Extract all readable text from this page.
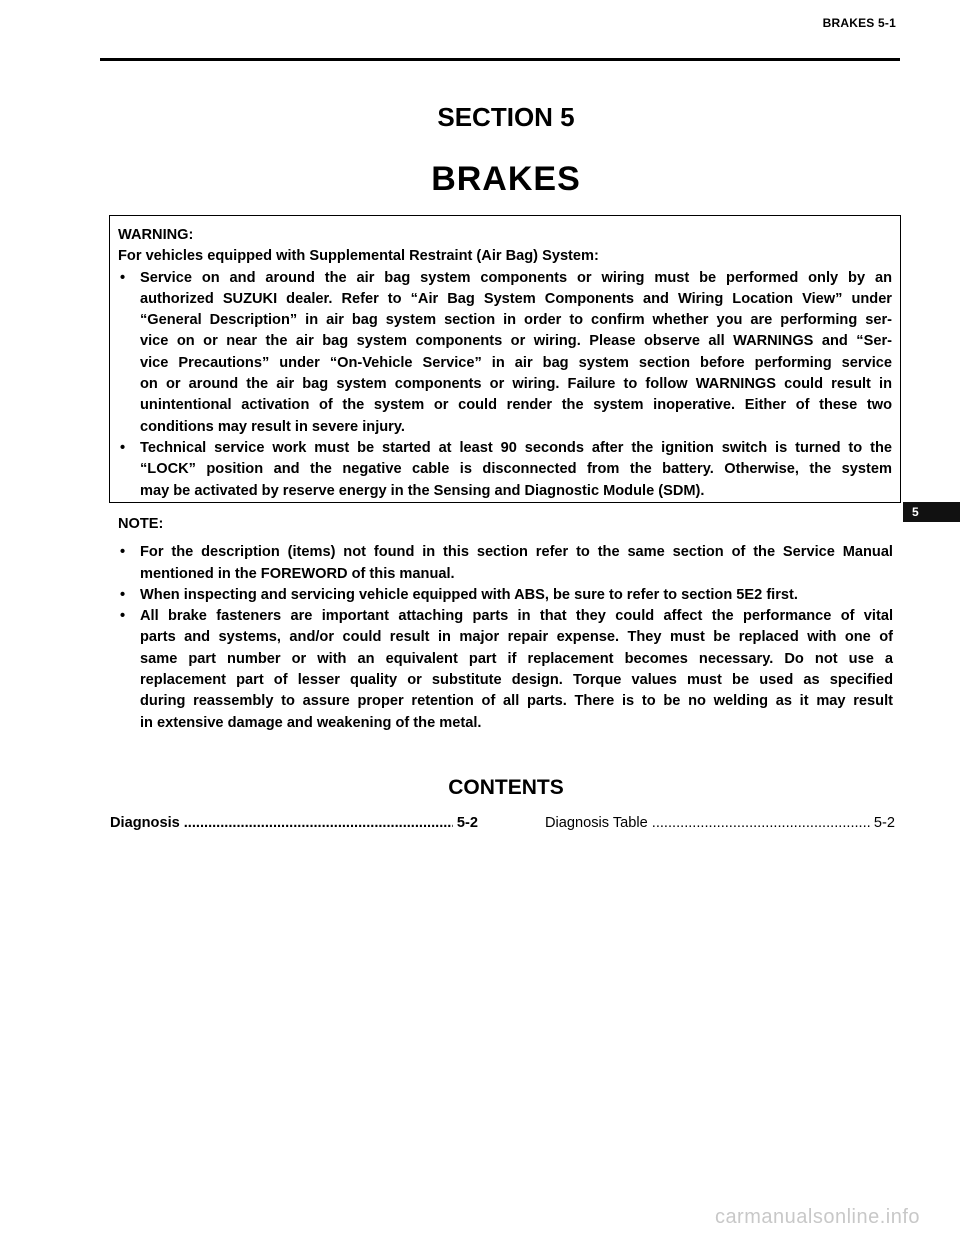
BRAKES 5-1
SECTION 5
BRAKES
WARNING:
For vehicles equipped with Supplemental Restraint (Air Bag) System:
• Service on and around the air bag system components or wiring must be performed only by an
authorized SUZUKI dealer. Refer to “Air Bag System Components and Wiring Location View” under
“General Description” in air bag system section in order to confirm whether you are performing ser-
vice on or near the air bag system components or wiring. Please observe all WARNINGS and “Ser-
vice Precautions” under “On-Vehicle Service” in air bag system section before performing service
on or around the air bag system components or wiring. Failure to follow WARNINGS could result in
unintentional activation of the system or could render the system inoperative. Either of these two
conditions may result in severe injury.
• Technical service work must be started at least 90 seconds after the ignition switch is turned to the
“LOCK” position and the negative cable is disconnected from the battery. Otherwise, the system
may be activated by reserve energy in the Sensing and Diagnostic Module (SDM).
5
NOTE:
• For the description (items) not found in this section refer to the same section of the Service Manual
mentioned in the FOREWORD of this manual.
• When inspecting and servicing vehicle equipped with ABS, be sure to refer to section 5E2 first.
• All brake fasteners are important attaching parts in that they could affect the performance of vital
parts and systems, and/or could result in major repair expense. They must be replaced with one of
same part number or with an equivalent part if replacement becomes necessary. Do not use a
replacement part of lesser quality or substitute design. Torque values must be used as specified
during reassembly to assure proper retention of all parts. There is to be no welding as it may result
in extensive damage and weakening of the metal.
CONTENTS
Diagnosis .....	5-2	Diagnosis Table .....	5-2
carmanualsonline.info
